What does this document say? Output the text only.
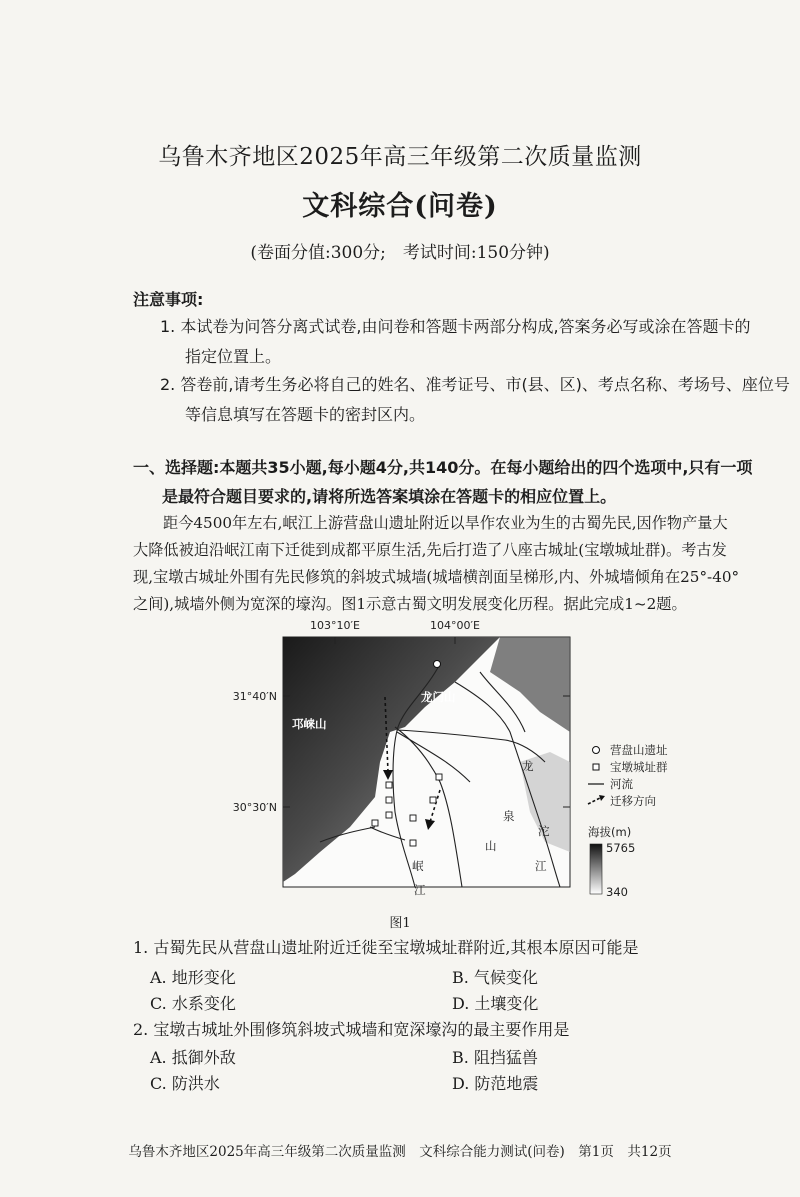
乌鲁木齐地区2025年高三年级第二次质量监测
文科综合(问卷)
(卷面分值:300分;　考试时间:150分钟)
注意事项:
1. 本试卷为问答分离式试卷,由问卷和答题卡两部分构成,答案务必写或涂在答题卡的
指定位置上。
2. 答卷前,请考生务必将自己的姓名、准考证号、市(县、区)、考点名称、考场号、座位号
等信息填写在答题卡的密封区内。
一、选择题:本题共35小题,每小题4分,共140分。在每小题给出的四个选项中,只有一项
是最符合题目要求的,请将所选答案填涂在答题卡的相应位置上。
距今4500年左右,岷江上游营盘山遗址附近以旱作农业为生的古蜀先民,因作物产量大
大降低被迫沿岷江南下迁徙到成都平原生活,先后打造了八座古城址(宝墩城址群)。考古发
现,宝墩古城址外围有先民修筑的斜坡式城墙(城墙横剖面呈梯形,内、外城墙倾角在25°-40°
之间),城墙外侧为宽深的壕沟。图1示意古蜀文明发展变化历程。据此完成1~2题。
103°10′E	104°00′E
31°40′N
30°30′N
邛崃山
龙门山
龙
泉
山
沱
江
岷
江
营盘山遗址
宝墩城址群
河流
迁移方向
海拔(m)
5765
340
图1
1. 古蜀先民从营盘山遗址附近迁徙至宝墩城址群附近,其根本原因可能是
A. 地形变化	B. 气候变化
C. 水系变化	D. 土壤变化
2. 宝墩古城址外围修筑斜坡式城墙和宽深壕沟的最主要作用是
A. 抵御外敌	B. 阻挡猛兽
C. 防洪水	D. 防范地震
乌鲁木齐地区2025年高三年级第二次质量监测　文科综合能力测试(问卷)　第1页　共12页
